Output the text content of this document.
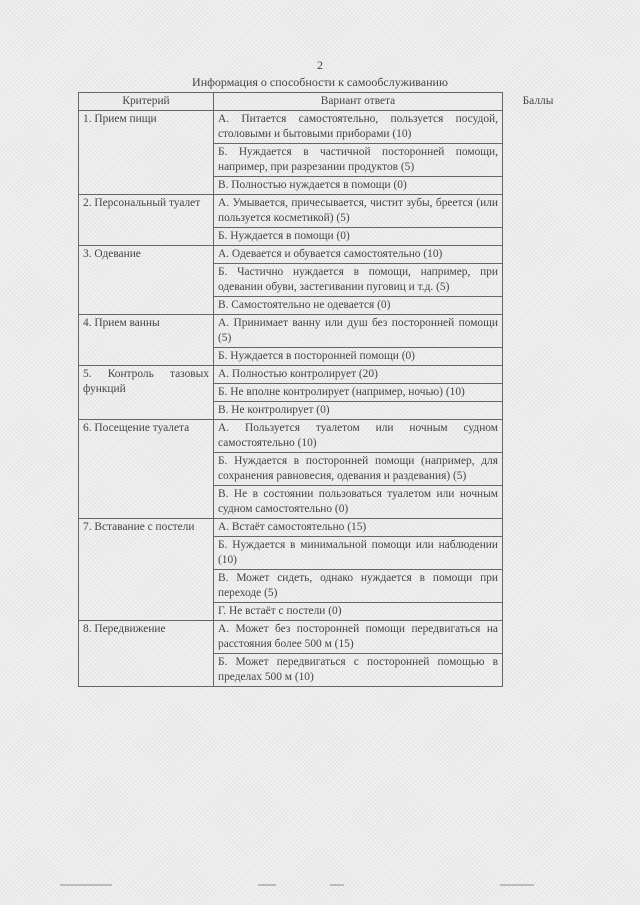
2
Информация о способности к самообслуживанию
Критерий	Вариант ответа	Баллы
1. Прием пищи	А. Питается самостоятельно, пользуется посудой, столовыми и бытовыми приборами (10)	
	Б. Нуждается в частичной посторонней помощи, например, при разрезании продуктов (5)	
	В. Полностью нуждается в помощи (0)	
2. Персональный туалет	А. Умывается, причесывается, чистит зубы, бреется (или пользуется косметикой) (5)	
	Б. Нуждается в помощи (0)	
3. Одевание	А. Одевается и обувается самостоятельно (10)	
	Б. Частично нуждается в помощи, например, при одевании обуви, застегивании пуговиц и т.д. (5)	
	В. Самостоятельно не одевается (0)	
4. Прием ванны	А. Принимает ванну или душ без посторонней помощи (5)	
	Б. Нуждается в посторонней помощи (0)	
5. Контроль тазовых функций	А. Полностью контролирует (20)	
	Б. Не вполне контролирует (например, ночью) (10)	
	В. Не контролирует (0)	
6. Посещение туалета	А. Пользуется туалетом или ночным судном самостоятельно (10)	
	Б. Нуждается в посторонней помощи (например, для сохранения равновесия, одевания и раздевания) (5)	
	В. Не в состоянии пользоваться туалетом или ночным судном самостоятельно (0)	
7. Вставание с постели	А. Встаёт самостоятельно (15)	
	Б. Нуждается в минимальной помощи или наблюдении (10)	
	В. Может сидеть, однако нуждается в помощи при переходе (5)	
	Г. Не встаёт с постели (0)	
8. Передвижение	А. Может без посторонней помощи передвигаться на расстояния более 500 м (15)	
	Б. Может передвигаться с посторонней помощью в пределах 500 м (10)	
